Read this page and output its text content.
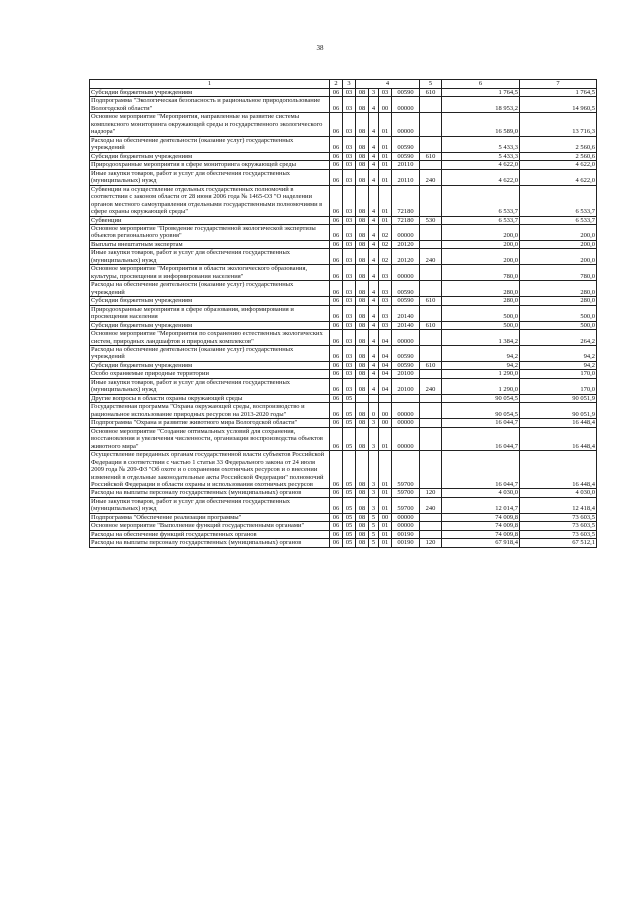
38
1	2	3	4				5	6	7
Субсидии бюджетным учреждениям	06	03	08	3	03	00590	610	1 764,5	1 764,5
Подпрограмма "Экологическая безопасность и рациональное природопользование Вологодской области"	06	03	08	4	00	00000		18 953,2	14 960,5
Основное мероприятие "Мероприятия, направленные на развитие системы комплексного мониторинга окружающей среды и государственного экологического надзора"	06	03	08	4	01	00000		16 589,0	13 716,3
Расходы на обеспечение деятельности (оказание услуг) государственных учреждений	06	03	08	4	01	00590		5 433,3	2 560,6
Субсидии бюджетным учреждениям	06	03	08	4	01	00590	610	5 433,3	2 560,6
Природоохранные мероприятия в сфере мониторинга окружающей среды	06	03	08	4	01	20110		4 622,0	4 622,0
Иные закупки товаров, работ и услуг для обеспечения государственных (муниципальных) нужд	06	03	08	4	01	20110	240	4 622,0	4 622,0
Субвенции на осуществление отдельных государственных полномочий в соответствии с законом области от 28 июня 2006 года № 1465-ОЗ "О наделении органов местного самоуправления отдельными государственными полномочиями в сфере охраны окружающей среды"	06	03	08	4	01	72180		6 533,7	6 533,7
Субвенции	06	03	08	4	01	72180	530	6 533,7	6 533,7
Основное мероприятие "Проведение государственной экологической экспертизы объектов регионального уровня"	06	03	08	4	02	00000		200,0	200,0
Выплаты внештатным экспертам	06	03	08	4	02	20120		200,0	200,0
Иные закупки товаров, работ и услуг для обеспечения государственных (муниципальных) нужд	06	03	08	4	02	20120	240	200,0	200,0
Основное мероприятие "Мероприятия в области экологического образования, культуры, просвещения и информирования населения"	06	03	08	4	03	00000		780,0	780,0
Расходы на обеспечение деятельности (оказание услуг) государственных учреждений	06	03	08	4	03	00590		280,0	280,0
Субсидии бюджетным учреждениям	06	03	08	4	03	00590	610	280,0	280,0
Природоохранные мероприятия в сфере образования, информирования и просвещения населения	06	03	08	4	03	20140		500,0	500,0
Субсидии бюджетным учреждениям	06	03	08	4	03	20140	610	500,0	500,0
Основное мероприятие "Мероприятия по сохранению естественных экологических систем, природных ландшафтов и природных комплексов"	06	03	08	4	04	00000		1 384,2	264,2
Расходы на обеспечение деятельности (оказание услуг) государственных учреждений	06	03	08	4	04	00590		94,2	94,2
Субсидии бюджетным учреждениям	06	03	08	4	04	00590	610	94,2	94,2
Особо охраняемые природные территории	06	03	08	4	04	20100		1 290,0	170,0
Иные закупки товаров, работ и услуг для обеспечения государственных (муниципальных) нужд	06	03	08	4	04	20100	240	1 290,0	170,0
Другие вопросы в области охраны окружающей среды	06	05						90 054,5	90 051,9
Государственная программа "Охрана окружающей среды, воспроизводство и рациональное использование природных ресурсов на 2013-2020 годы"	06	05	08	0	00	00000		90 054,5	90 051,9
Подпрограмма "Охрана и развитие животного мира Вологодской области"	06	05	08	3	00	00000		16 044,7	16 448,4
Основное мероприятие "Создание оптимальных условий для сохранения, восстановления и увеличения численности, организации воспроизводства объектов животного мира"	06	05	08	3	01	00000		16 044,7	16 448,4
Осуществление переданных органам государственной власти субъектов Российской Федерации в соответствии с частью 1 статьи 33 Федерального закона от 24 июля 2009 года № 209-ФЗ "Об охоте и о сохранении охотничьих ресурсов и о внесении изменений в отдельные законодательные акты Российской Федерации" полномочий Российской Федерации в области охраны и использования охотничьих ресурсов	06	05	08	3	01	59700		16 044,7	16 448,4
Расходы на выплаты персоналу государственных (муниципальных) органов	06	05	08	3	01	59700	120	4 030,0	4 030,0
Иные закупки товаров, работ и услуг для обеспечения государственных (муниципальных) нужд	06	05	08	3	01	59700	240	12 014,7	12 418,4
Подпрограмма "Обеспечение реализации программы"	06	05	08	5	00	00000		74 009,8	73 603,5
Основное мероприятие "Выполнение функций государственными органами"	06	05	08	5	01	00000		74 009,8	73 603,5
Расходы на обеспечение функций государственных органов	06	05	08	5	01	00190		74 009,8	73 603,5
Расходы на выплаты персоналу государственных (муниципальных) органов	06	05	08	5	01	00190	120	67 918,4	67 512,1
